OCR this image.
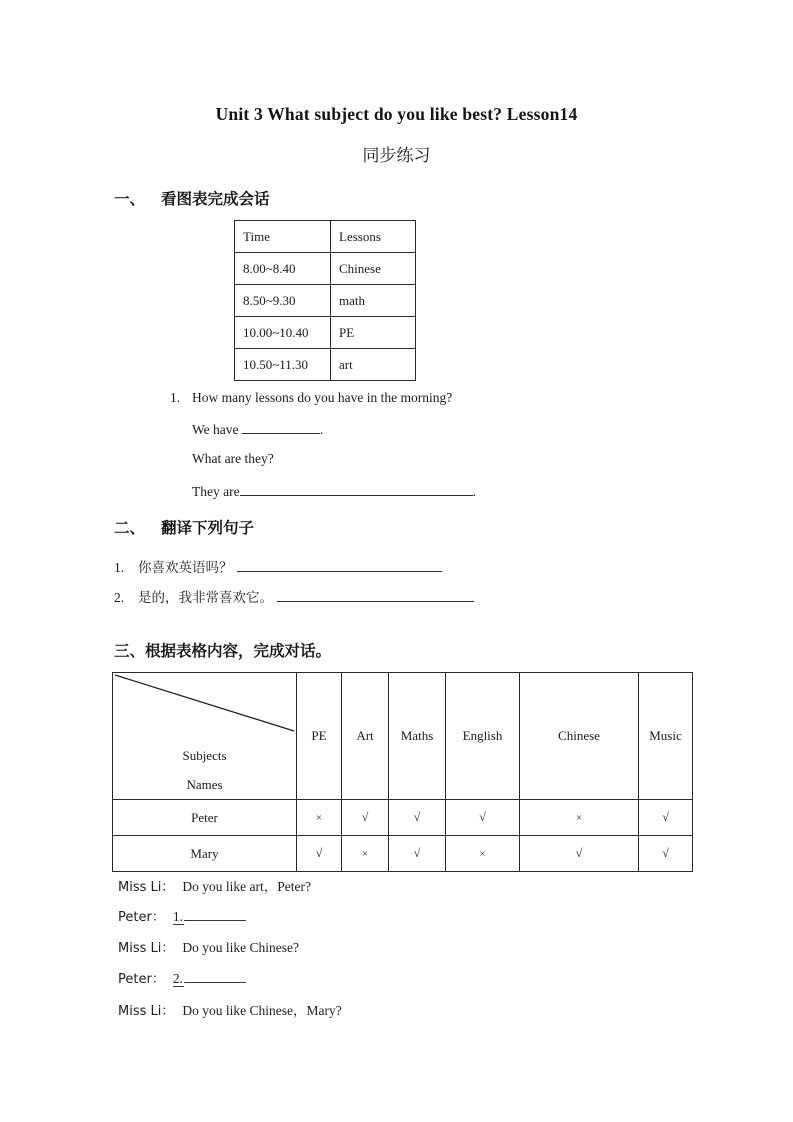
Unit 3 What subject do you like best? Lesson14
同步练习
一、 看图表完成会话
Time	Lessons
8.00~8.40	Chinese
8.50~9.30	math
10.00~10.40	PE
10.50~11.30	art
1. How many lessons do you have in the morning?
We have	.
What are they?
They are	.
二、 翻译下列句子
1. 你喜欢英语吗？
2. 是的，我非常喜欢它。
三、根据表格内容，完成对话。
Subjects
Names	PE	Art	Maths	English	Chinese	Music
Peter	×	√	√	√	×	√
Mary	√	×	√	×	√	√
Miss Li： Do you like art，Peter?
Peter： 1.
Miss Li： Do you like Chinese?
Peter： 2.
Miss Li： Do you like Chinese，Mary?
